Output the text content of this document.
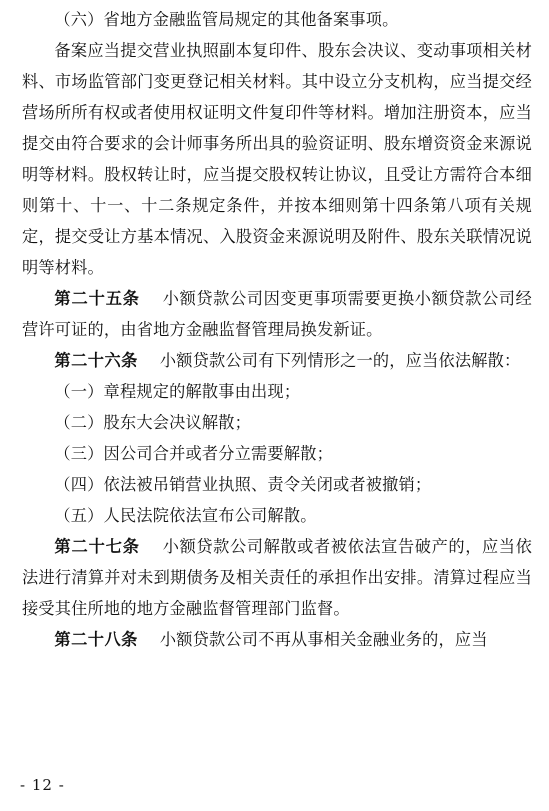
（六）省地方金融监管局规定的其他备案事项。

备案应当提交营业执照副本复印件、股东会决议、变动事项相关材料、市场监管部门变更登记相关材料。其中设立分支机构，应当提交经营场所所有权或者使用权证明文件复印件等材料。增加注册资本，应当提交由符合要求的会计师事务所出具的验资证明、股东增资资金来源说明等材料。股权转让时，应当提交股权转让协议，且受让方需符合本细则第十、十一、十二条规定条件，并按本细则第十四条第八项有关规定，提交受让方基本情况、入股资金来源说明及附件、股东关联情况说明等材料。

第二十五条　 小额贷款公司因变更事项需要更换小额贷款公司经营许可证的，由省地方金融监督管理局换发新证。

第二十六条　 小额贷款公司有下列情形之一的，应当依法解散：

（一）章程规定的解散事由出现；

（二）股东大会决议解散；

（三）因公司合并或者分立需要解散；

（四）依法被吊销营业执照、责令关闭或者被撤销；

（五）人民法院依法宣布公司解散。

第二十七条　 小额贷款公司解散或者被依法宣告破产的，应当依法进行清算并对未到期债务及相关责任的承担作出安排。清算过程应当接受其住所地的地方金融监督管理部门监督。

第二十八条　 小额贷款公司不再从事相关金融业务的，应当

- 12 -
